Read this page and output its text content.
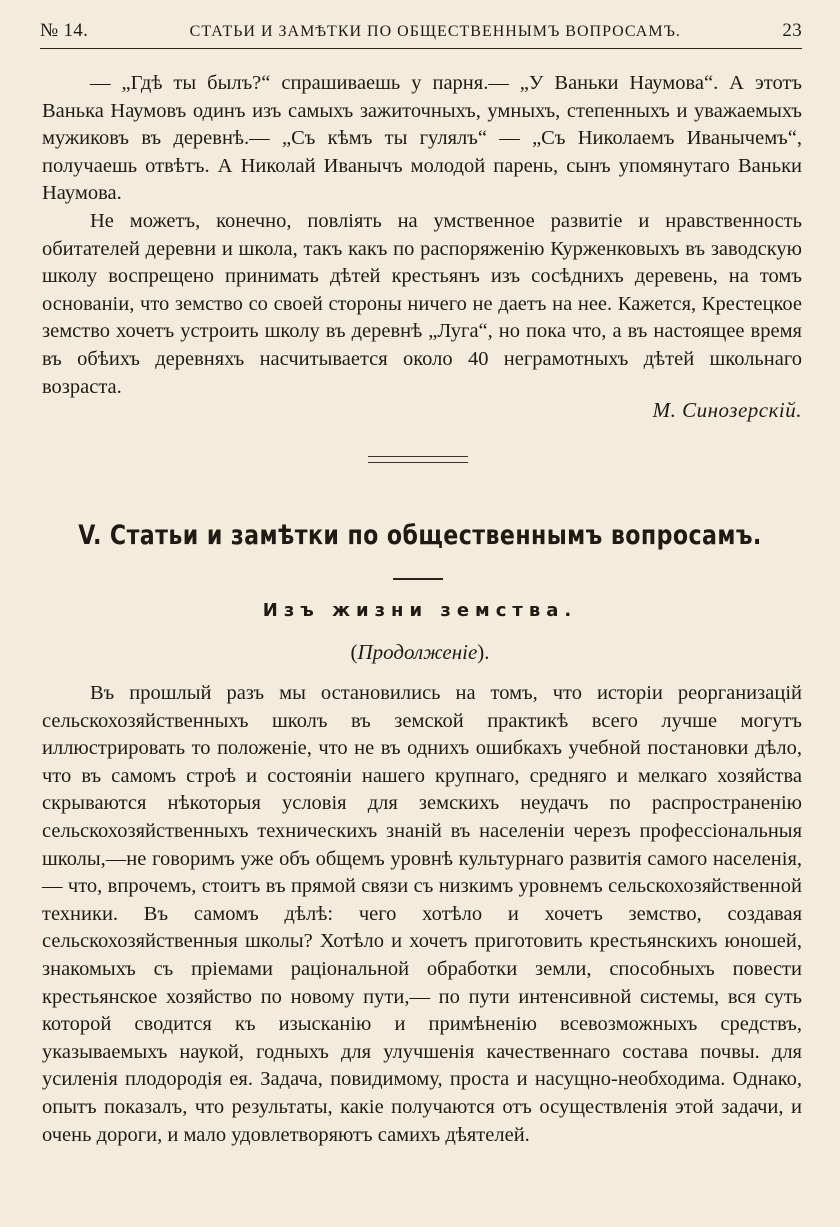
№ 14.	СТАТЬИ И ЗАМѢТКИ ПО ОБЩЕСТВЕННЫМЪ ВОПРОСАМЪ.	23

— „Гдѣ ты былъ?“ спрашиваешь у парня.— „У Ваньки Наумова“. А этотъ Ванька Наумовъ одинъ изъ самыхъ зажиточныхъ, умныхъ, степенныхъ и уважаемыхъ мужиковъ въ деревнѣ.— „Съ кѣмъ ты гулялъ“ — „Съ Николаемъ Иванычемъ“, получаешь отвѣтъ. А Николай Иванычъ молодой парень, сынъ упомянутаго Ваньки Наумова.

Не можетъ, конечно, повліять на умственное развитіе и нравственность обитателей деревни и школа, такъ какъ по распоряженію Курженковыхъ въ заводскую школу воспрещено принимать дѣтей крестьянъ изъ сосѣднихъ деревень, на томъ основаніи, что земство со своей стороны ничего не даетъ на нее. Кажется, Крестецкое земство хочетъ устроить школу въ деревнѣ „Луга“, но пока что, а въ настоящее время въ обѣихъ деревняхъ насчитывается около 40 неграмотныхъ дѣтей школьнаго возраста.

М. Синозерскій.
V. Статьи и замѣтки по общественнымъ вопросамъ.
Изъ жизни земства.
(Продолженіе).

Въ прошлый разъ мы остановились на томъ, что исторіи реорганизацій сельскохозяйственныхъ школъ въ земской практикѣ всего лучше могутъ иллюстрировать то положеніе, что не въ однихъ ошибкахъ учебной постановки дѣло, что въ самомъ строѣ и состояніи нашего крупнаго, средняго и мелкаго хозяйства скрываются нѣкоторыя условія для земскихъ неудачъ по распространенію сельскохозяйственныхъ техническихъ знаній въ населеніи черезъ профессіональныя школы,—не говоримъ уже объ общемъ уровнѣ культурнаго развитія самого населенія,— что, впрочемъ, стоитъ въ прямой связи съ низкимъ уровнемъ сельскохозяйственной техники. Въ самомъ дѣлѣ: чего хотѣло и хочетъ земство, создавая сельскохозяйственныя школы? Хотѣло и хочетъ приготовить крестьянскихъ юношей, знакомыхъ съ пріемами раціональной обработки земли, способныхъ повести крестьянское хозяйство по новому пути,— по пути интенсивной системы, вся суть которой сводится къ изысканію и примѣненію всевозможныхъ средствъ, указываемыхъ наукой, годныхъ для улучшенія качественнаго состава почвы. для усиленія плодородія ея. Задача, повидимому, проста и насущно-необходима. Однако, опытъ показалъ, что результаты, какіе получаются отъ осуществленія этой задачи, и очень дороги, и мало удовлетворяютъ самихъ дѣятелей.
